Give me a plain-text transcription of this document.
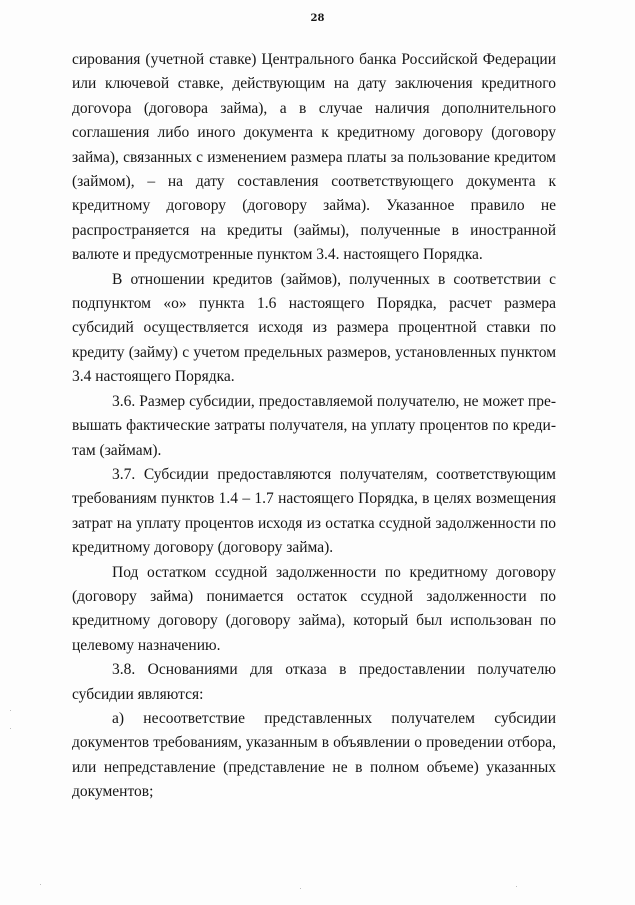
28

сирования (учетной ставке) Центрального банка Российской Федерации или ключевой ставке, действующим на дату заключения кредитного догоvора (договора займа), а в случае наличия дополнительного соглашения либо иного документа к кредитному договору (договору займа), связанных с изменением размера платы за пользование кредитом (займом), – на дату составления соответствующего документа к кредитному договору (договору займа). Указанное правило не распространяется на кредиты (займы), полученные в иностранной валюте и предусмотренные пунктом 3.4. настоящего Порядка.

В отношении кредитов (займов), полученных в соответствии с подпунктом «о» пункта 1.6 настоящего Порядка, расчет размера субсидий осуществляется исходя из размера процентной ставки по кредиту (займу) с учетом предельных размеров, установленных пунктом 3.4 настоящего Порядка.

3.6. Размер субсидии, предоставляемой получателю, не может превышать фактические затраты получателя, на уплату процентов по кредитам (займам).

3.7. Субсидии предоставляются получателям, соответствующим требованиям пунктов 1.4 – 1.7 настоящего Порядка, в целях возмещения затрат на уплату процентов исходя из остатка ссудной задолженности по кредитному договору (договору займа).

Под остатком ссудной задолженности по кредитному договору (договору займа) понимается остаток ссудной задолженности по кредитному договору (договору займа), который был использован по целевому назначению.

3.8. Основаниями для отказа в предоставлении получателю субсидии являются:

а) несоответствие представленных получателем субсидии документов требованиям, указанным в объявлении о проведении отбора, или непредставление (представление не в полном объеме) указанных документов;
